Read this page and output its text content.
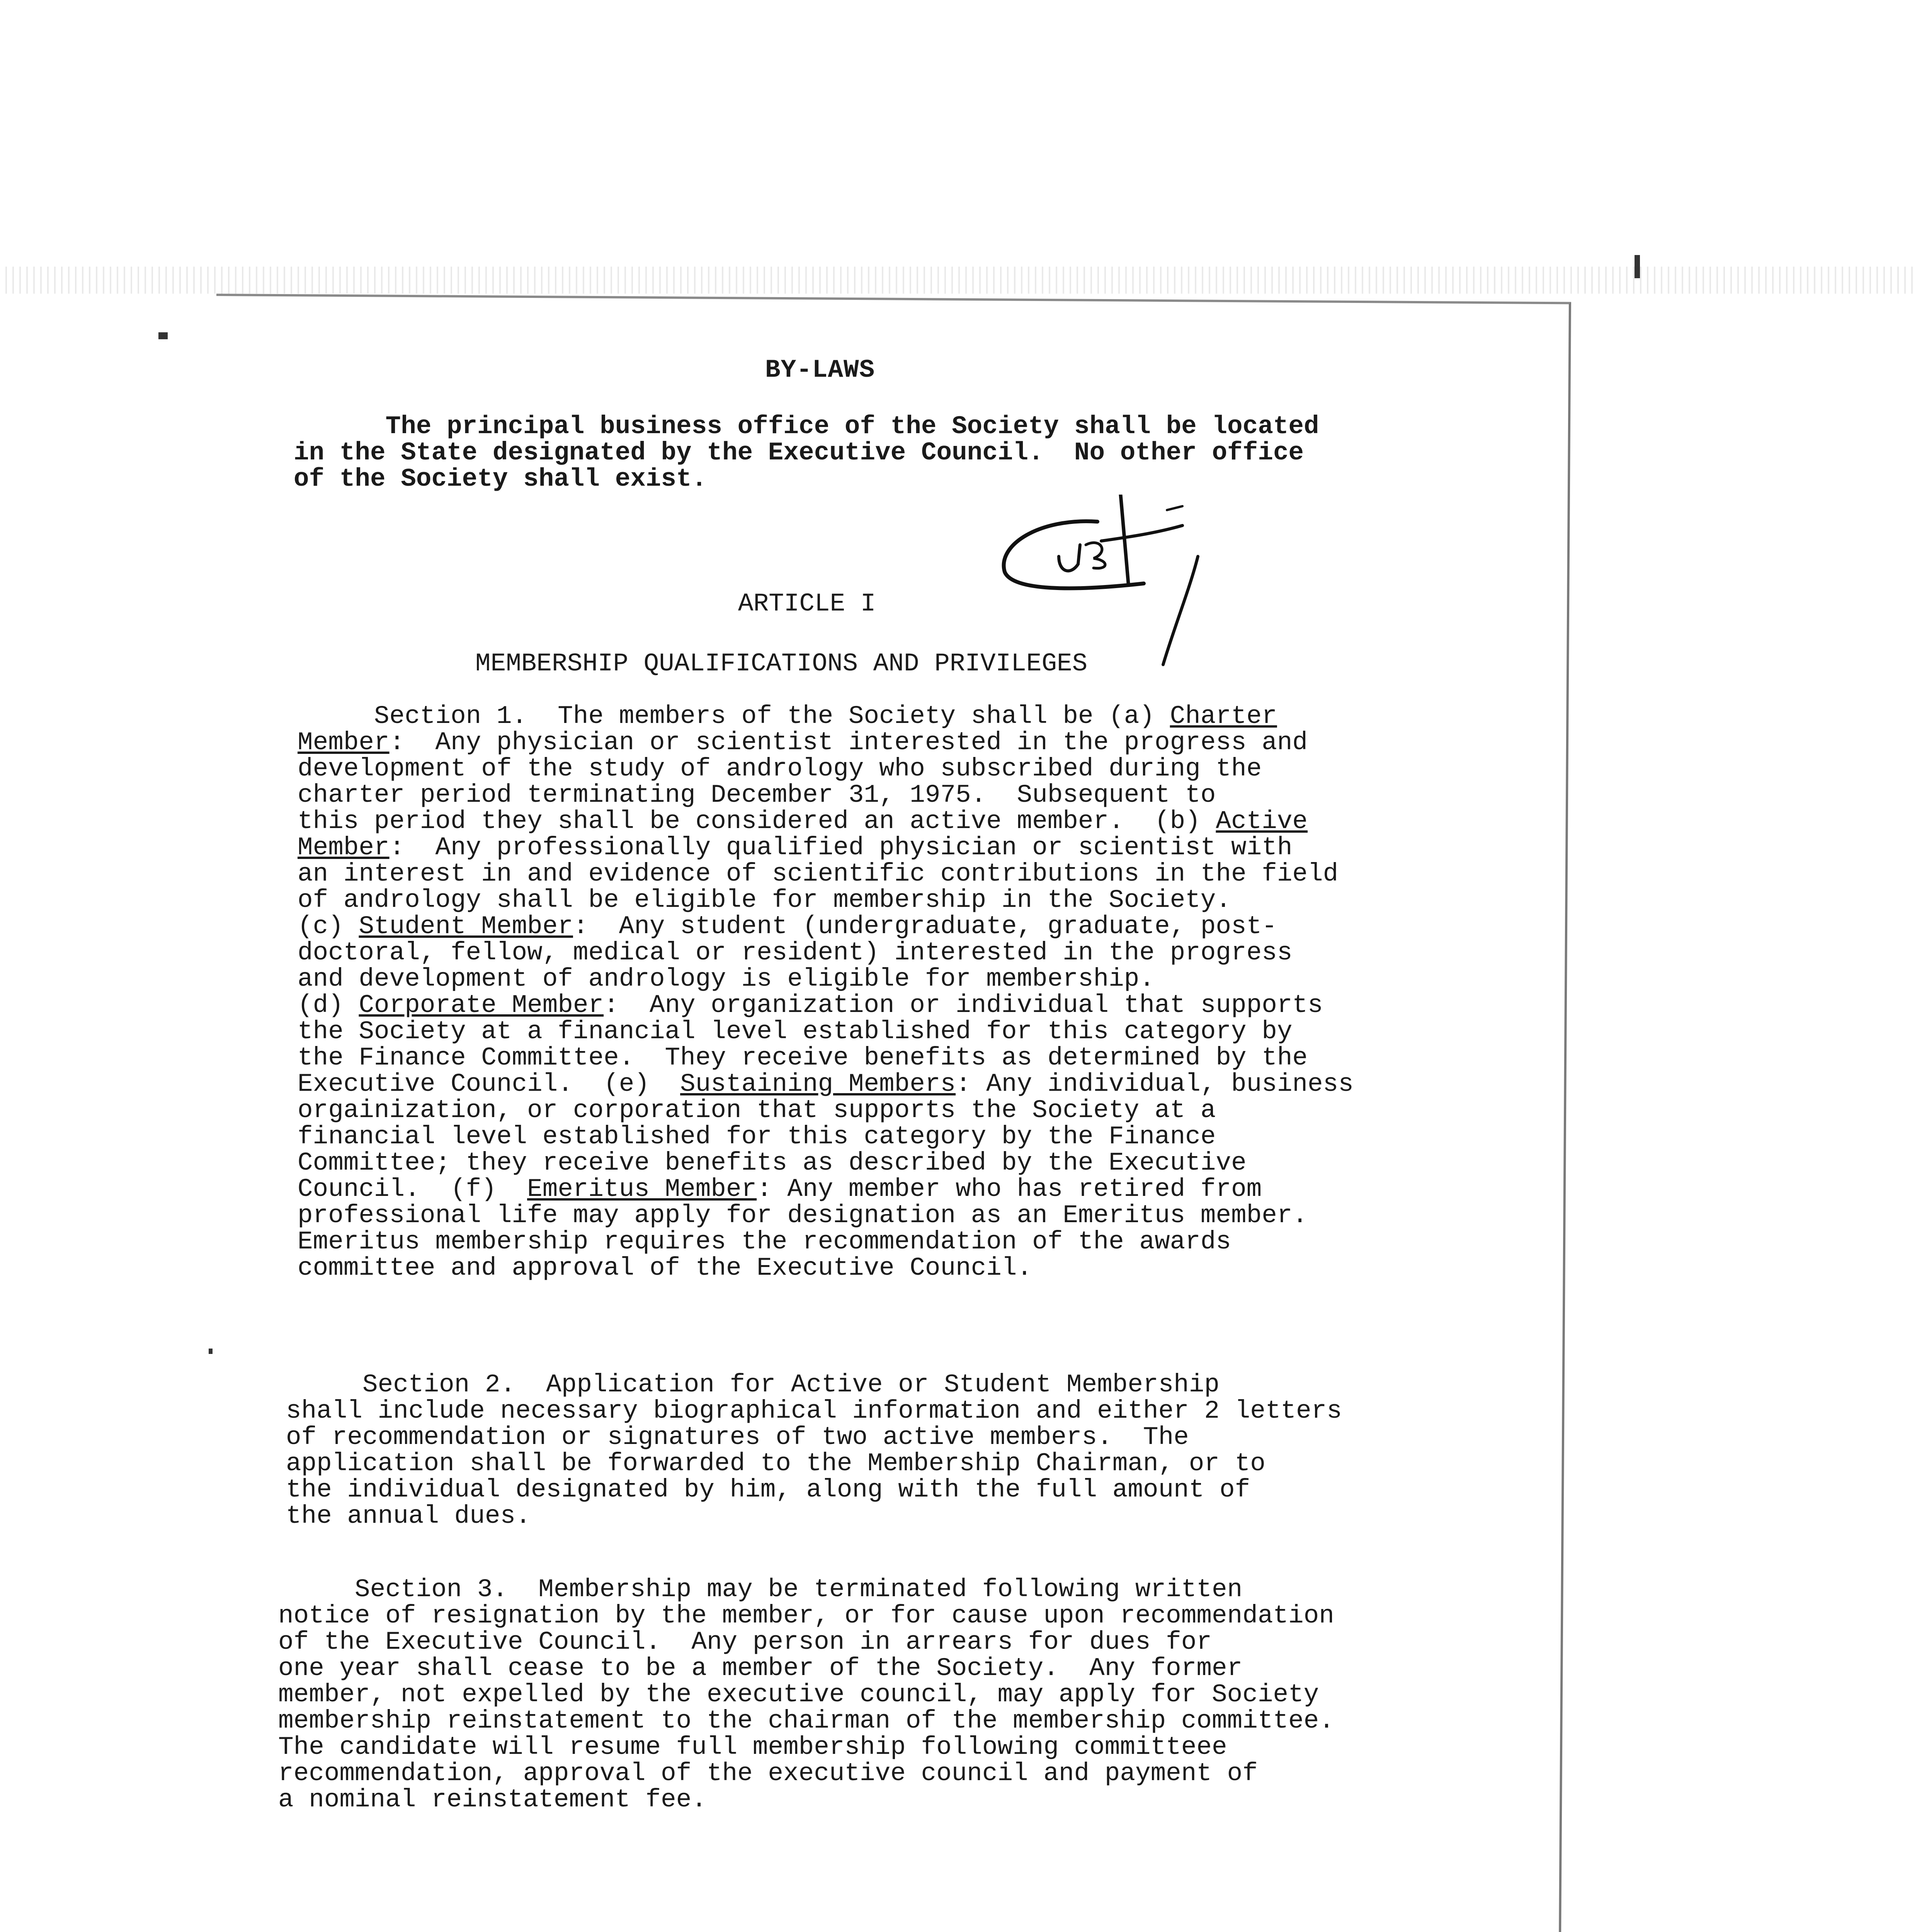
BY-LAWS
The principal business office of the Society shall be located
in the State designated by the Executive Council.  No other office
of the Society shall exist.
ARTICLE I
MEMBERSHIP QUALIFICATIONS AND PRIVILEGES
Section 1.  The members of the Society shall be (a) Charter
Member:  Any physician or scientist interested in the progress and
development of the study of andrology who subscribed during the
charter period terminating December 31, 1975.  Subsequent to
this period they shall be considered an active member.  (b) Active
Member:  Any professionally qualified physician or scientist with
an interest in and evidence of scientific contributions in the field
of andrology shall be eligible for membership in the Society.
(c) Student Member:  Any student (undergraduate, graduate, post-
doctoral, fellow, medical or resident) interested in the progress
and development of andrology is eligible for membership.
(d) Corporate Member:  Any organization or individual that supports
the Society at a financial level established for this category by
the Finance Committee.  They receive benefits as determined by the
Executive Council.  (e)  Sustaining Members: Any individual, business
orgainization, or corporation that supports the Society at a
financial level established for this category by the Finance
Committee; they receive benefits as described by the Executive
Council.  (f)  Emeritus Member: Any member who has retired from
professional life may apply for designation as an Emeritus member.
Emeritus membership requires the recommendation of the awards
committee and approval of the Executive Council.
Section 2.  Application for Active or Student Membership
shall include necessary biographical information and either 2 letters
of recommendation or signatures of two active members.  The
application shall be forwarded to the Membership Chairman, or to
the individual designated by him, along with the full amount of
the annual dues.
Section 3.  Membership may be terminated following written
notice of resignation by the member, or for cause upon recommendation
of the Executive Council.  Any person in arrears for dues for
one year shall cease to be a member of the Society.  Any former
member, not expelled by the executive council, may apply for Society
membership reinstatement to the chairman of the membership committee.
The candidate will resume full membership following committeee
recommendation, approval of the executive council and payment of
a nominal reinstatement fee.
